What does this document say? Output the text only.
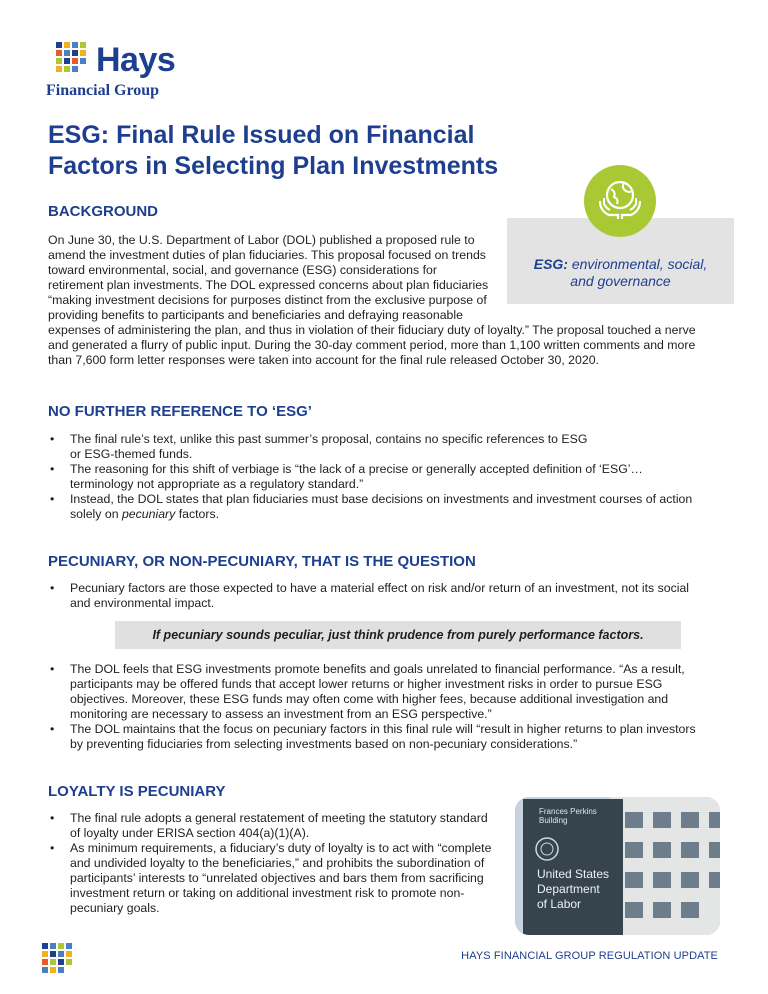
Hays
Financial Group
ESG: Final Rule Issued on Financial Factors in Selecting Plan Investments
ESG: environmental, social,
and governance
BACKGROUND
On June 30, the U.S. Department of Labor (DOL) published a proposed rule to
amend the investment duties of plan fiduciaries. This proposal focused on trends
toward environmental, social, and governance (ESG) considerations for
retirement plan investments. The DOL expressed concerns about plan fiduciaries
“making investment decisions for purposes distinct from the exclusive purpose of
providing benefits to participants and beneficiaries and defraying reasonable
expenses of administering the plan, and thus in violation of their fiduciary duty of loyalty.” The proposal touched a nerve
and generated a flurry of public input. During the 30-day comment period, more than 1,100 written comments and more
than 7,600 form letter responses were taken into account for the final rule released October 30, 2020.
NO FURTHER REFERENCE TO ‘ESG’
• The final rule’s text, unlike this past summer’s proposal, contains no specific references to ESG
or ESG-themed funds.
• The reasoning for this shift of verbiage is “the lack of a precise or generally accepted definition of ‘ESG’…
terminology not appropriate as a regulatory standard.”
• Instead, the DOL states that plan fiduciaries must base decisions on investments and investment courses of action
solely on pecuniary factors.
PECUNIARY, OR NON-PECUNIARY, THAT IS THE QUESTION
• Pecuniary factors are those expected to have a material effect on risk and/or return of an investment, not its social
and environmental impact.
If pecuniary sounds peculiar, just think prudence from purely performance factors.
• The DOL feels that ESG investments promote benefits and goals unrelated to financial performance. “As a result,
participants may be offered funds that accept lower returns or higher investment risks in order to pursue ESG
objectives. Moreover, these ESG funds may often come with higher fees, because additional investigation and
monitoring are necessary to assess an investment from an ESG perspective.”
• The DOL maintains that the focus on pecuniary factors in this final rule will “result in higher returns to plan investors
by preventing fiduciaries from selecting investments based on non-pecuniary considerations.”
LOYALTY IS PECUNIARY
• The final rule adopts a general restatement of meeting the statutory standard
of loyalty under ERISA section 404(a)(1)(A).
• As minimum requirements, a fiduciary’s duty of loyalty is to act with “complete
and undivided loyalty to the beneficiaries,” and prohibits the subordination of
participants’ interests to “unrelated objectives and bars them from sacrificing
investment return or taking on additional investment risk to promote non-
pecuniary goals.
Frances Perkins
Building
United States
Department
of Labor
HAYS FINANCIAL GROUP REGULATION UPDATE
